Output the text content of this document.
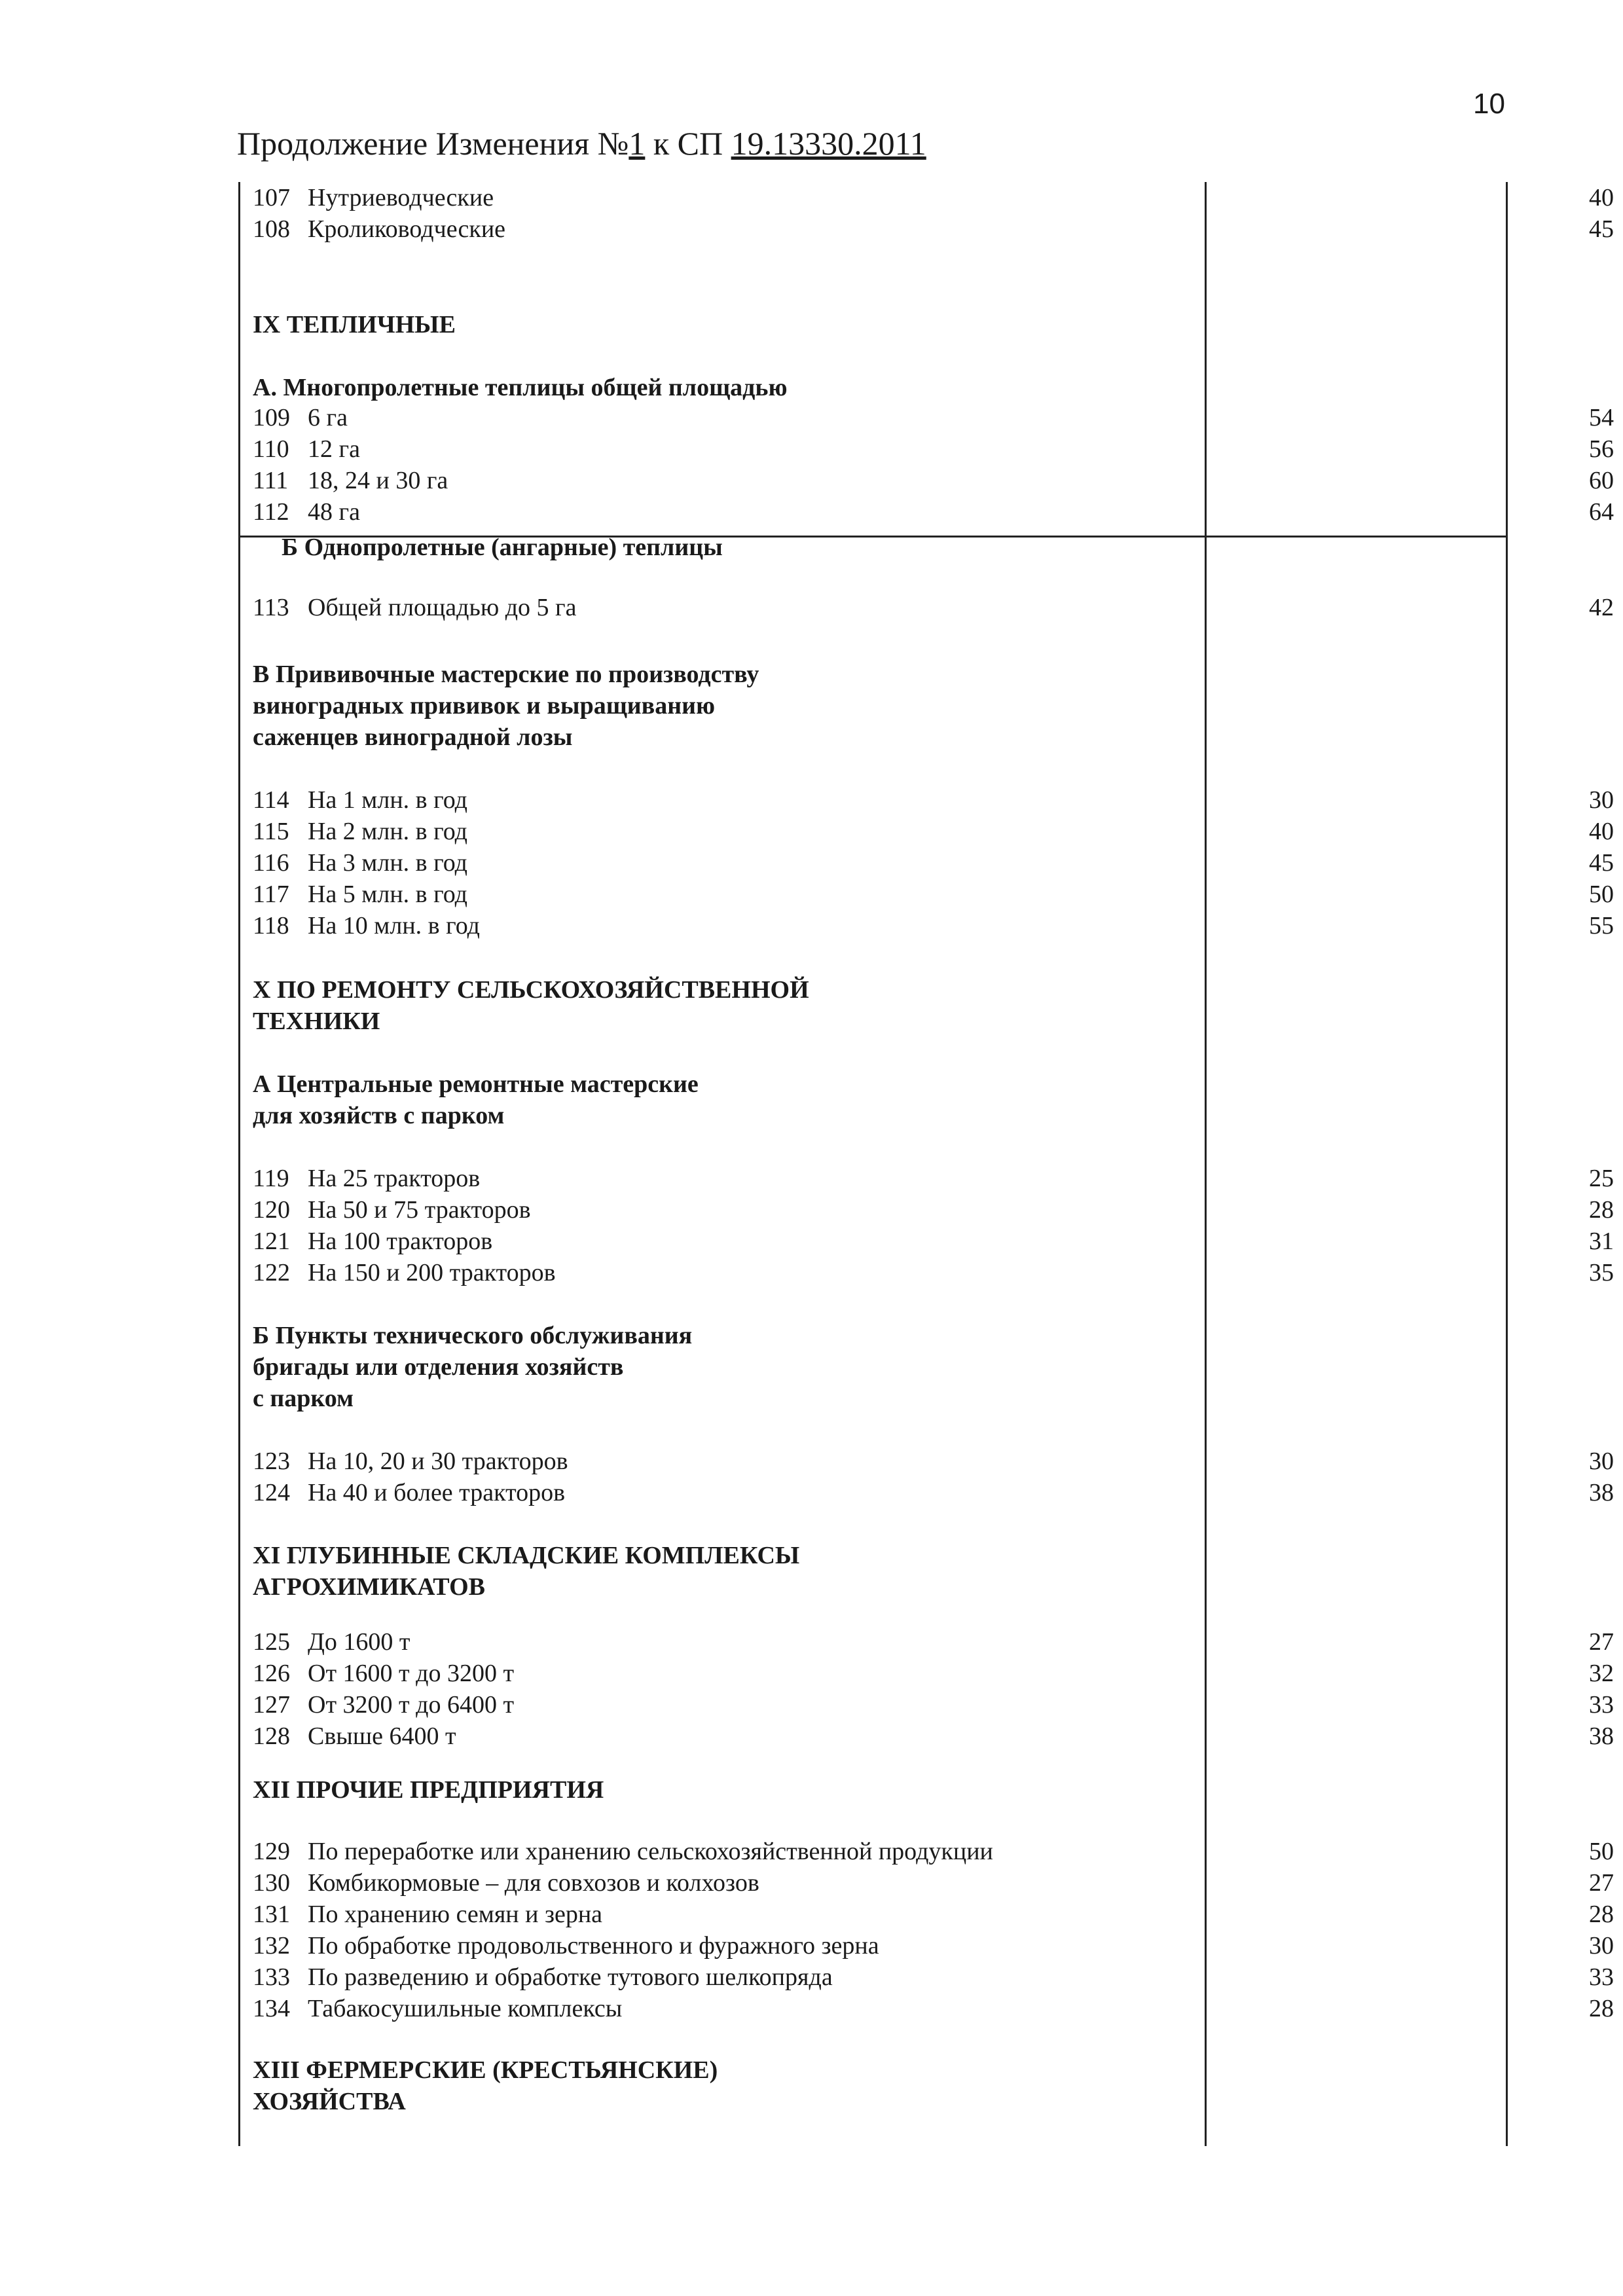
10
Продолжение Изменения №1 к СП 19.13330.2011
IX ТЕПЛИЧНЫЕ
А. Многопролетные теплицы общей площадью
Б Однопролетные (ангарные) теплицы
В Прививочные мастерские по производству
виноградных прививок и выращиванию
саженцев виноградной лозы
X ПО РЕМОНТУ СЕЛЬСКОХОЗЯЙСТВЕННОЙ
ТЕХНИКИ
А Центральные ремонтные мастерские
для хозяйств с парком
Б Пункты технического обслуживания
бригады или отделения хозяйств
с парком
XI ГЛУБИННЫЕ СКЛАДСКИЕ КОМПЛЕКСЫ
АГРОХИМИКАТОВ
XII ПРОЧИЕ ПРЕДПРИЯТИЯ
XIII ФЕРМЕРСКИЕ (КРЕСТЬЯНСКИЕ)
ХОЗЯЙСТВА
107 Нутриеводческие	40
108 Кролиководческие	45
109 6 га	54
110 12 га	56
111 18, 24 и 30 га	60
112 48 га	64
113 Общей площадью до 5 га	42
114 На 1 млн. в год	30
115 На 2 млн. в год	40
116 На 3 млн. в год	45
117 На 5 млн. в год	50
118 На 10 млн. в год	55
119 На 25 тракторов	25
120 На 50 и 75 тракторов	28
121 На 100 тракторов	31
122 На 150 и 200 тракторов	35
123 На 10, 20 и 30 тракторов	30
124 На 40 и более тракторов	38
125 До 1600 т	27
126 От 1600 т до 3200 т	32
127 От 3200 т до 6400 т	33
128 Свыше 6400 т	38
129 По переработке или хранению сельскохозяйственной продукции	50
130 Комбикормовые – для совхозов и колхозов	27
131 По хранению семян и зерна	28
132 По обработке продовольственного и фуражного зерна	30
133 По разведению и обработке тутового шелкопряда	33
134 Табакосушильные комплексы	28
